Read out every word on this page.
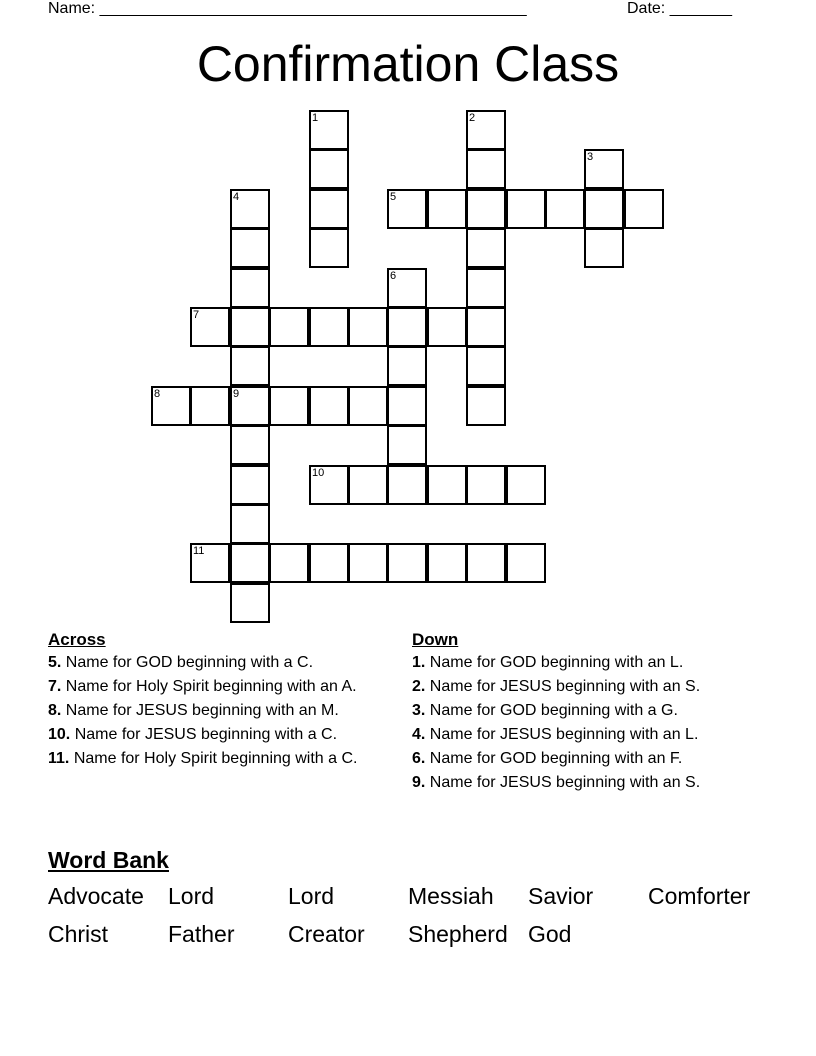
Name: ________________________________________________	Date: _______
Confirmation Class
1	2
3
4
9
5
6
7
8
10
11
Across	Down
5. Name for GOD beginning with a C.
7. Name for Holy Spirit beginning with an A.
8. Name for JESUS beginning with an M.
10. Name for JESUS beginning with a C.
11. Name for Holy Spirit beginning with a C.
1. Name for GOD beginning with an L.
2. Name for JESUS beginning with an S.
3. Name for GOD beginning with a G.
4. Name for JESUS beginning with an L.
6. Name for GOD beginning with an F.
9. Name for JESUS beginning with an S.
Word Bank
Advocate Lord	Lord	Messiah Savior Comforter
Christ	Father Creator Shepherd God
